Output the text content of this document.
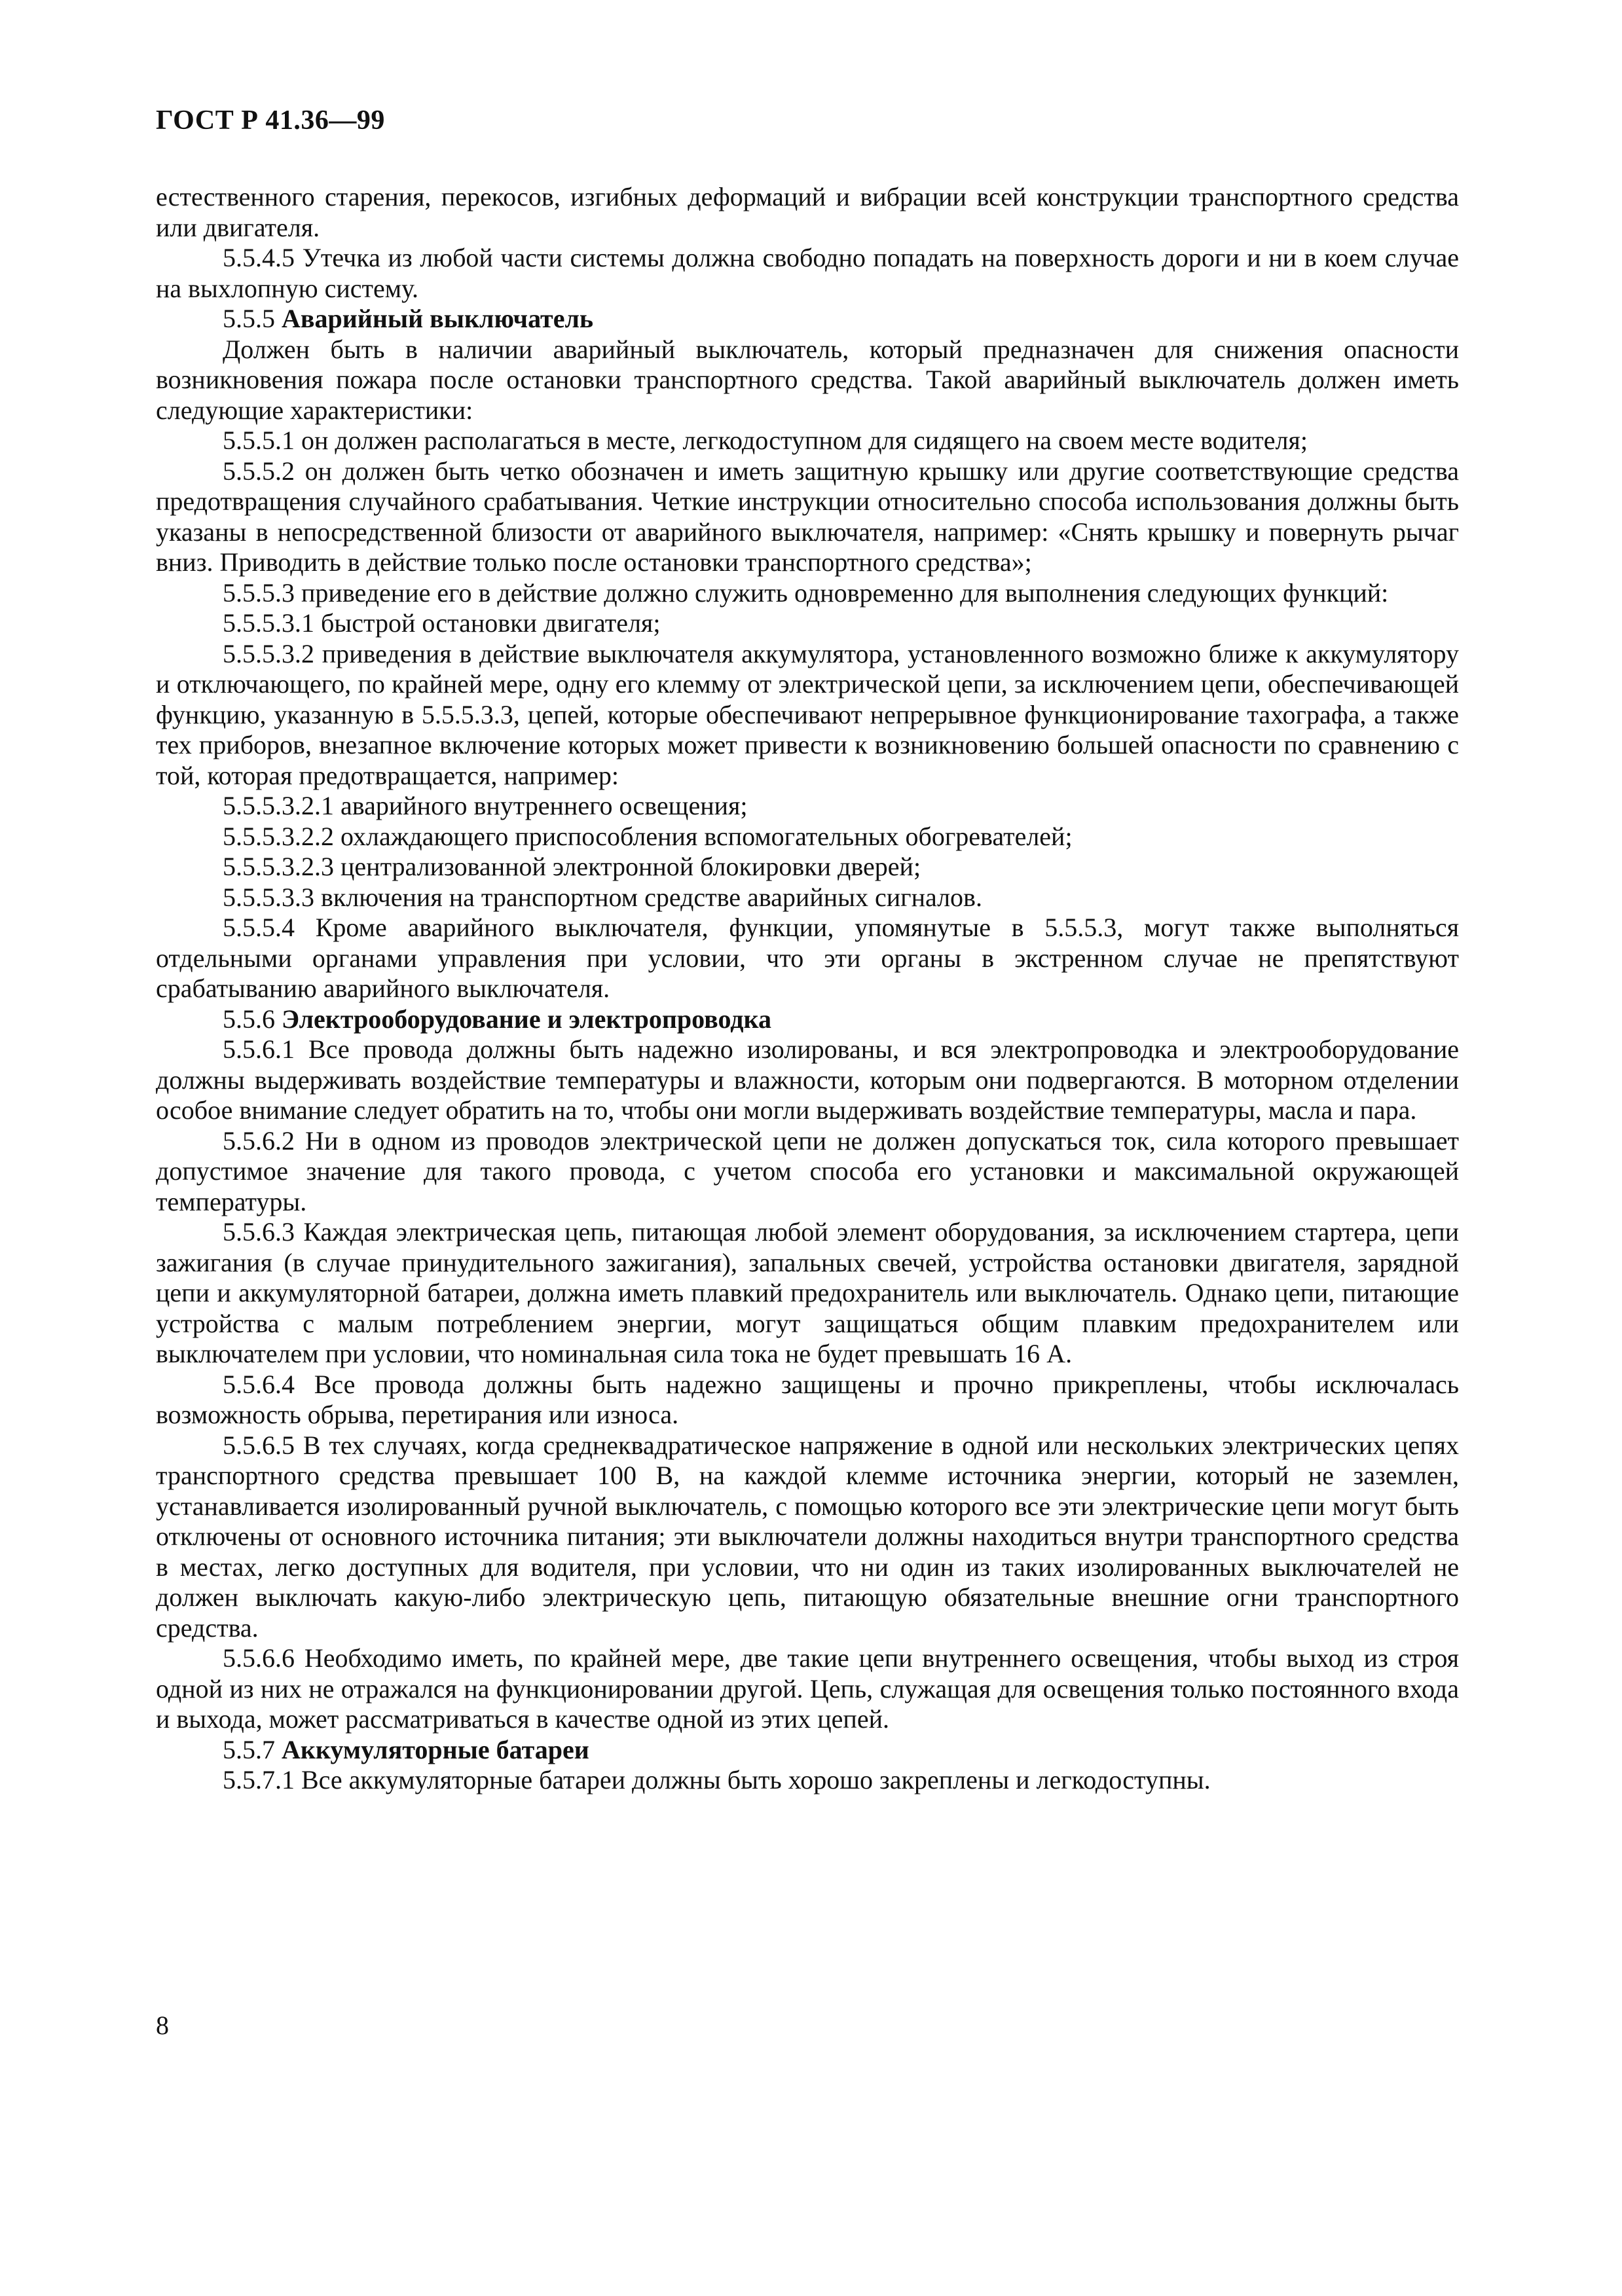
ГОСТ Р 41.36—99

естественного старения, перекосов, изгибных деформаций и вибрации всей конструкции транспортного средства или двигателя.

5.5.4.5 Утечка из любой части системы должна свободно попадать на поверхность дороги и ни в коем случае на выхлопную систему.

5.5.5 Аварийный выключатель

Должен быть в наличии аварийный выключатель, который предназначен для снижения опасности возникновения пожара после остановки транспортного средства. Такой аварийный выключатель должен иметь следующие характеристики:

5.5.5.1 он должен располагаться в месте, легкодоступном для сидящего на своем месте водителя;

5.5.5.2 он должен быть четко обозначен и иметь защитную крышку или другие соответствующие средства предотвращения случайного срабатывания. Четкие инструкции относительно способа использования должны быть указаны в непосредственной близости от аварийного выключателя, например: «Снять крышку и повернуть рычаг вниз. Приводить в действие только после остановки транспортного средства»;

5.5.5.3 приведение его в действие должно служить одновременно для выполнения следующих функций:

5.5.5.3.1 быстрой остановки двигателя;

5.5.5.3.2 приведения в действие выключателя аккумулятора, установленного возможно ближе к аккумулятору и отключающего, по крайней мере, одну его клемму от электрической цепи, за исключением цепи, обеспечивающей функцию, указанную в 5.5.5.3.3, цепей, которые обеспечивают непрерывное функционирование тахографа, а также тех приборов, внезапное включение которых может привести к возникновению большей опасности по сравнению с той, которая предотвращается, например:

5.5.5.3.2.1 аварийного внутреннего освещения;

5.5.5.3.2.2 охлаждающего приспособления вспомогательных обогревателей;

5.5.5.3.2.3 централизованной электронной блокировки дверей;

5.5.5.3.3 включения на транспортном средстве аварийных сигналов.

5.5.5.4 Кроме аварийного выключателя, функции, упомянутые в 5.5.5.3, могут также выполняться отдельными органами управления при условии, что эти органы в экстренном случае не препятствуют срабатыванию аварийного выключателя.

5.5.6 Электрооборудование и электропроводка

5.5.6.1 Все провода должны быть надежно изолированы, и вся электропроводка и электрооборудование должны выдерживать воздействие температуры и влажности, которым они подвергаются. В моторном отделении особое внимание следует обратить на то, чтобы они могли выдерживать воздействие температуры, масла и пара.

5.5.6.2 Ни в одном из проводов электрической цепи не должен допускаться ток, сила которого превышает допустимое значение для такого провода, с учетом способа его установки и максимальной окружающей температуры.

5.5.6.3 Каждая электрическая цепь, питающая любой элемент оборудования, за исключением стартера, цепи зажигания (в случае принудительного зажигания), запальных свечей, устройства остановки двигателя, зарядной цепи и аккумуляторной батареи, должна иметь плавкий предохранитель или выключатель. Однако цепи, питающие устройства с малым потреблением энергии, могут защищаться общим плавким предохранителем или выключателем при условии, что номинальная сила тока не будет превышать 16 А.

5.5.6.4 Все провода должны быть надежно защищены и прочно прикреплены, чтобы исключалась возможность обрыва, перетирания или износа.

5.5.6.5 В тех случаях, когда среднеквадратическое напряжение в одной или нескольких электрических цепях транспортного средства превышает 100 В, на каждой клемме источника энергии, который не заземлен, устанавливается изолированный ручной выключатель, с помощью которого все эти электрические цепи могут быть отключены от основного источника питания; эти выключатели должны находиться внутри транспортного средства в местах, легко доступных для водителя, при условии, что ни один из таких изолированных выключателей не должен выключать какую-либо электрическую цепь, питающую обязательные внешние огни транспортного средства.

5.5.6.6 Необходимо иметь, по крайней мере, две такие цепи внутреннего освещения, чтобы выход из строя одной из них не отражался на функционировании другой. Цепь, служащая для освещения только постоянного входа и выхода, может рассматриваться в качестве одной из этих цепей.

5.5.7 Аккумуляторные батареи

5.5.7.1 Все аккумуляторные батареи должны быть хорошо закреплены и легкодоступны.

8
